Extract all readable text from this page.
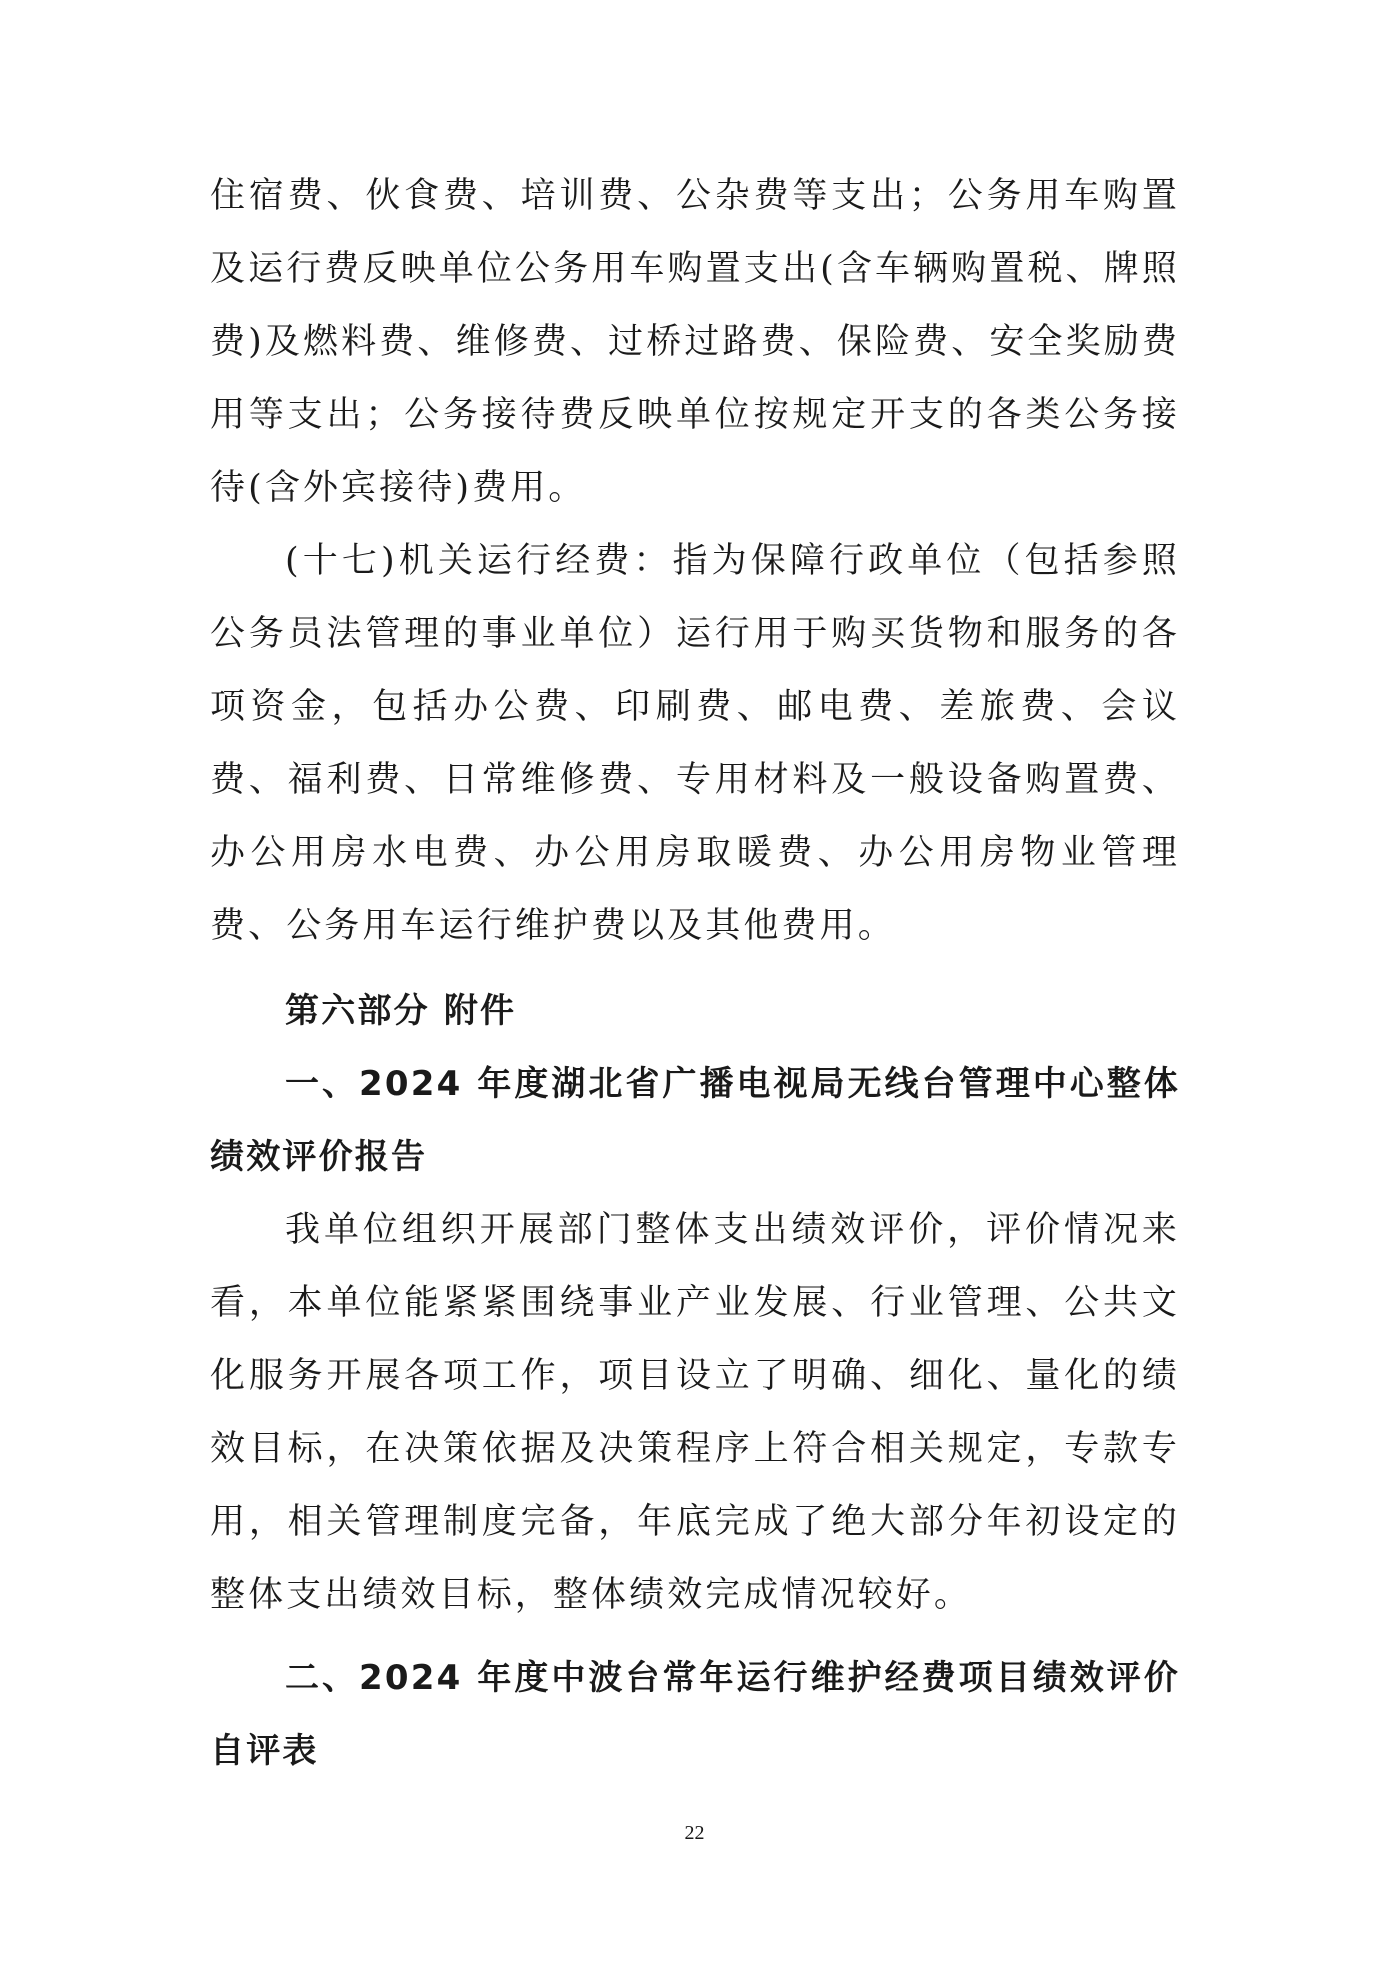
住宿费、伙食费、培训费、公杂费等支出；公务用车购置及运行费反映单位公务用车购置支出(含车辆购置税、牌照费)及燃料费、维修费、过桥过路费、保险费、安全奖励费用等支出；公务接待费反映单位按规定开支的各类公务接待(含外宾接待)费用。

(十七)机关运行经费：指为保障行政单位（包括参照公务员法管理的事业单位）运行用于购买货物和服务的各项资金，包括办公费、印刷费、邮电费、差旅费、会议费、福利费、日常维修费、专用材料及一般设备购置费、办公用房水电费、办公用房取暖费、办公用房物业管理费、公务用车运行维护费以及其他费用。

第六部分 附件

一、2024 年度湖北省广播电视局无线台管理中心整体绩效评价报告

我单位组织开展部门整体支出绩效评价，评价情况来看，本单位能紧紧围绕事业产业发展、行业管理、公共文化服务开展各项工作，项目设立了明确、细化、量化的绩效目标，在决策依据及决策程序上符合相关规定，专款专用，相关管理制度完备，年底完成了绝大部分年初设定的整体支出绩效目标，整体绩效完成情况较好。

二、2024 年度中波台常年运行维护经费项目绩效评价自评表

22
